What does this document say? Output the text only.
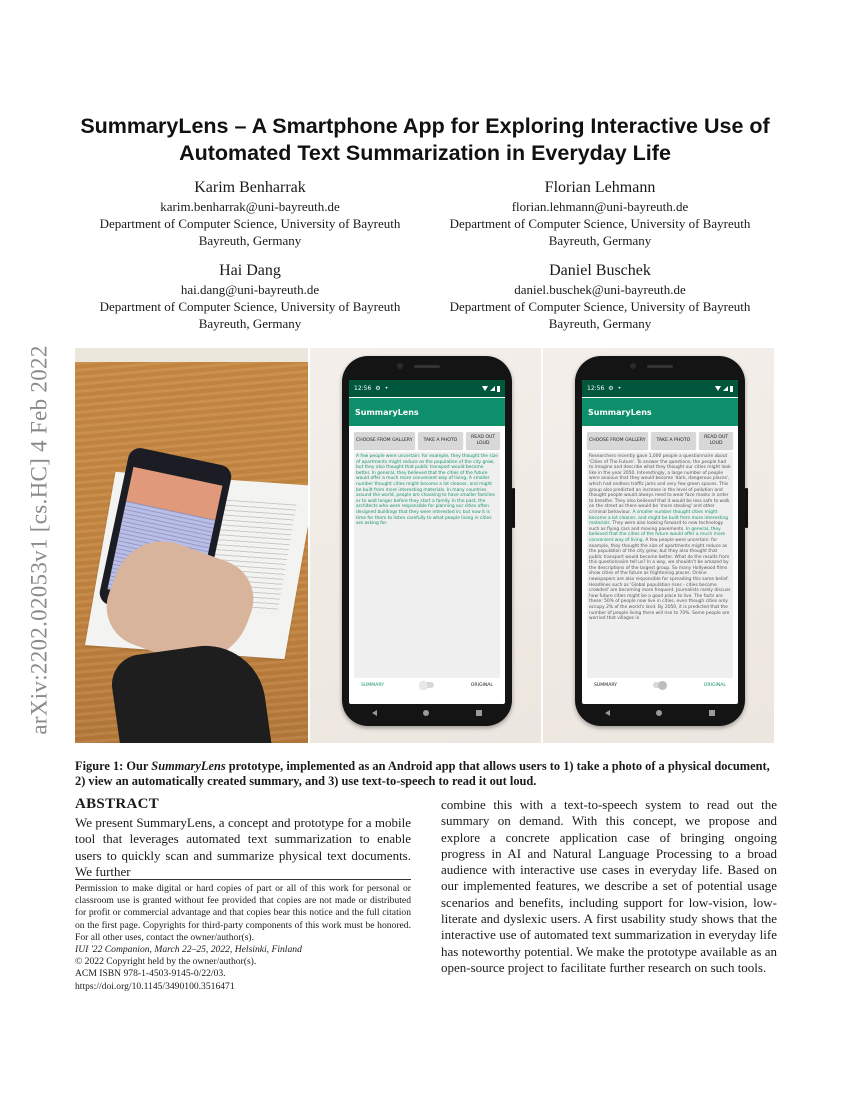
arXiv:2202.02053v1 [cs.HC] 4 Feb 2022
SummaryLens – A Smartphone App for Exploring Interactive Use of Automated Text Summarization in Everyday Life
Karim Benharrak
karim.benharrak@uni-bayreuth.de
Department of Computer Science, University of Bayreuth
Bayreuth, Germany
Florian Lehmann
florian.lehmann@uni-bayreuth.de
Department of Computer Science, University of Bayreuth
Bayreuth, Germany
Hai Dang
hai.dang@uni-bayreuth.de
Department of Computer Science, University of Bayreuth
Bayreuth, Germany
Daniel Buschek
daniel.buschek@uni-bayreuth.de
Department of Computer Science, University of Bayreuth
Bayreuth, Germany
12:56 ⚙ •
SummaryLens
CHOOSE FROM GALLERY	TAKE A PHOTO
READ OUT LOUD
A few people were uncertain: for example, they thought the size of apartments might reduce as the population of the city grew, but they also thought that public transport would become better. In general, they believed that the cities of the future would offer a much more convenient way of living. A smaller number thought cities might become a lot cleaner, and might be built from more interesting materials. In many countries around the world, people are choosing to have smaller families or to wait longer before they start a family. In the past, the architects who were responsible for planning our cities often designed buildings that they were interested in; but now it is time for them to listen carefully to what people living in cities are asking for.
SUMMARY	ORIGINAL
12:56 ⚙ •
SummaryLens
CHOOSE FROM GALLERY	TAKE A PHOTO
READ OUT LOUD
Researchers recently gave 1,000 people a questionnaire about 'Cities of The Future'. To answer the questions, the people had to imagine and describe what they thought our cities might look like in the year 2050. Interestingly, a large number of people were anxious that they would become 'dark, dangerous places', which had endless traffic jams and very few green spaces. This group also predicted an increase in the level of pollution and thought people would always need to wear face masks in order to breathe. They also believed that it would be less safe to walk on the street as there would be 'more stealing' and other criminal behaviour. A smaller number thought cities might become a lot cleaner, and might be built from more interesting materials. They were also looking forward to new technology such as flying cars and moving pavements. In general, they believed that the cities of the future would offer a much more convenient way of living. A few people were uncertain: for example, they thought the size of apartments might reduce as the population of the city grew, but they also thought that public transport would become better. What do the results from this questionnaire tell us? In a way, we shouldn't be amazed by the descriptions of the largest group. So many Hollywood films show cities of the future as frightening places. Online newspapers are also responsible for spreading this same belief. Headlines such as 'Global population rises - cities become crowded' are becoming more frequent. Journalists rarely discuss how future cities might be a good place to live. The facts are these: 50% of people now live in cities, even though cities only occupy 2% of the world's land. By 2050, it is predicted that the number of people living there will rise to 70%. Some people are worried that villages in
SUMMARY	ORIGINAL

Figure 1: Our SummaryLens prototype, implemented as an Android app that allows users to 1) take a photo of a physical document, 2) view an automatically created summary, and 3) use text-to-speech to read it out loud.

ABSTRACT

We present SummaryLens, a concept and prototype for a mobile tool that leverages automated text summarization to enable users to quickly scan and summarize physical text documents. We further

Permission to make digital or hard copies of part or all of this work for personal or classroom use is granted without fee provided that copies are not made or distributed for profit or commercial advantage and that copies bear this notice and the full citation on the first page. Copyrights for third-party components of this work must be honored. For all other uses, contact the owner/author(s).

IUI '22 Companion, March 22–25, 2022, Helsinki, Finland

© 2022 Copyright held by the owner/author(s).

ACM ISBN 978-1-4503-9145-0/22/03.

https://doi.org/10.1145/3490100.3516471

combine this with a text-to-speech system to read out the summary on demand. With this concept, we propose and explore a concrete application case of bringing ongoing progress in AI and Natural Language Processing to a broad audience with interactive use cases in everyday life. Based on our implemented features, we describe a set of potential usage scenarios and benefits, including support for low-vision, low-literate and dyslexic users. A first usability study shows that the interactive use of automated text summarization in everyday life has noteworthy potential. We make the prototype available as an open-source project to facilitate further research on such tools.
